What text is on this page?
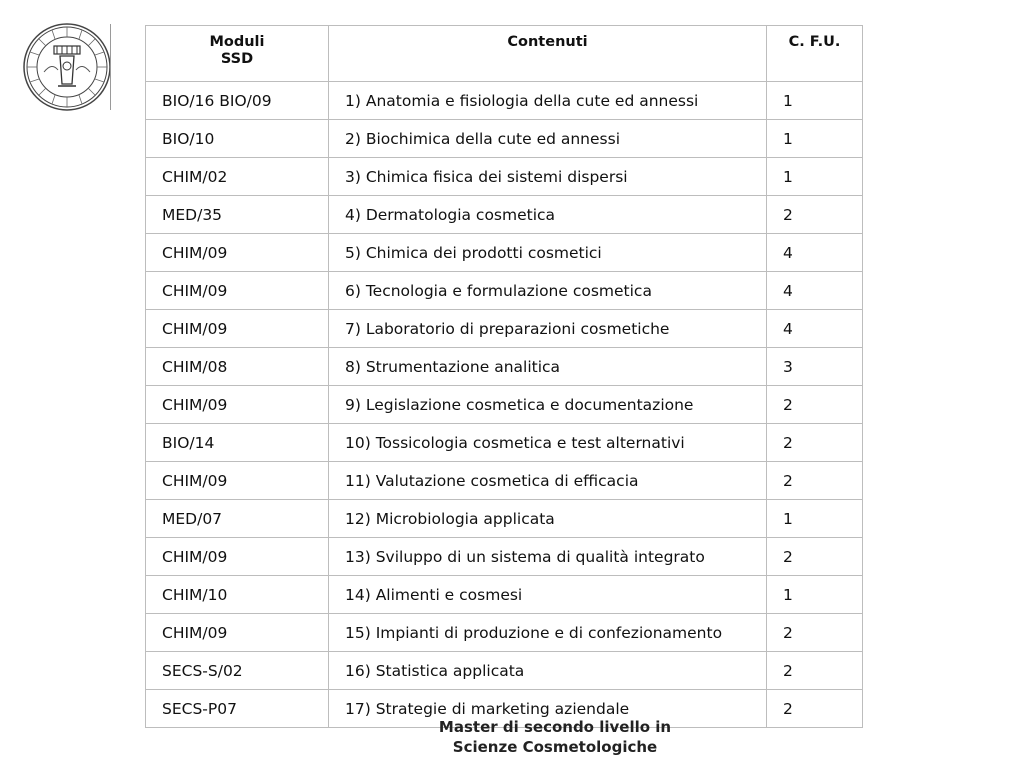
Moduli
SSD	Contenuti	C. F.U.
BIO/16 BIO/09	1) Anatomia e fisiologia della cute ed annessi	1
BIO/10	2) Biochimica della cute ed annessi	1
CHIM/02	3) Chimica fisica dei sistemi dispersi	1
MED/35	4) Dermatologia cosmetica	2
CHIM/09	5) Chimica dei prodotti cosmetici	4
CHIM/09	6) Tecnologia e formulazione cosmetica	4
CHIM/09	7) Laboratorio di preparazioni cosmetiche	4
CHIM/08	8) Strumentazione analitica	3
CHIM/09	9) Legislazione cosmetica e documentazione	2
BIO/14	10) Tossicologia cosmetica e test alternativi	2
CHIM/09	11) Valutazione cosmetica di efficacia	2
MED/07	12) Microbiologia applicata	1
CHIM/09	13) Sviluppo di un sistema di qualità integrato	2
CHIM/10	14) Alimenti e cosmesi	1
CHIM/09	15) Impianti di produzione e di confezionamento	2
SECS-S/02	16) Statistica applicata	2
SECS-P07	17) Strategie di marketing aziendale	2
Master di secondo livello in
Scienze Cosmetologiche
